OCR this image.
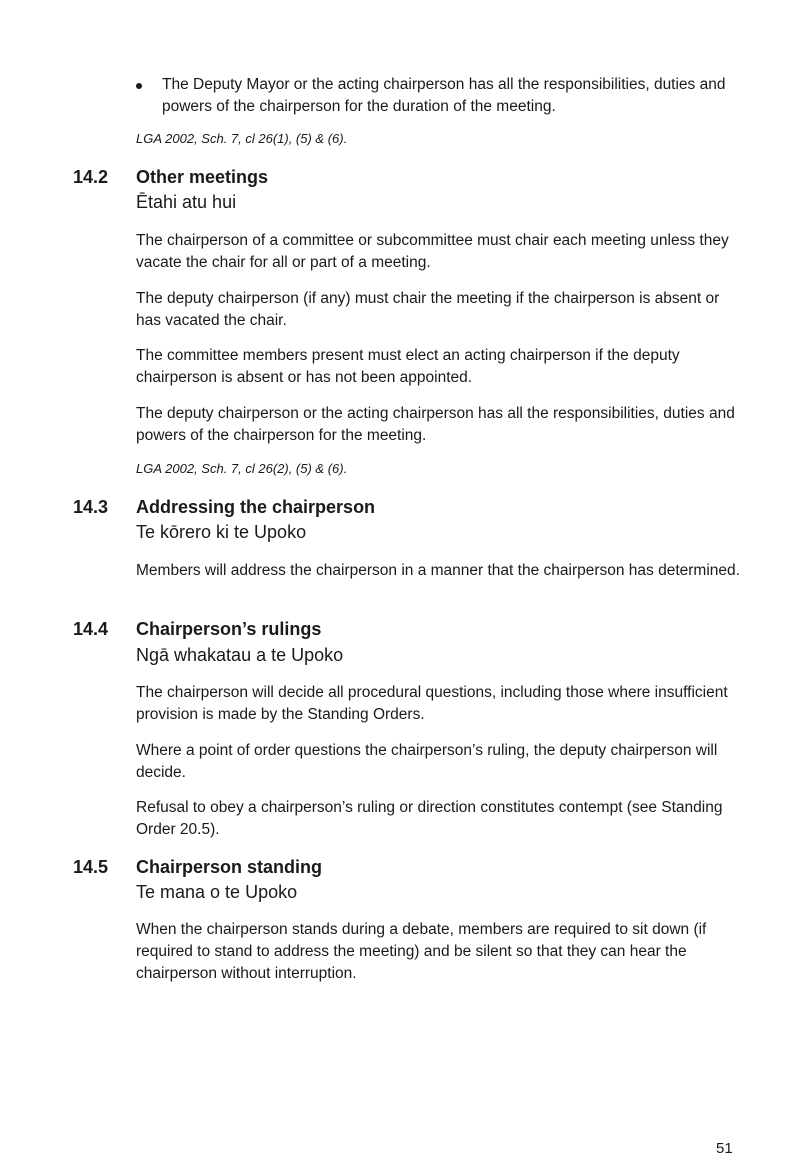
The Deputy Mayor or the acting chairperson has all the responsibilities, duties and powers of the chairperson for the duration of the meeting.

LGA 2002, Sch. 7, cl 26(1), (5) & (6).

14.2 Other meetings

Ētahi atu hui

The chairperson of a committee or subcommittee must chair each meeting unless they vacate the chair for all or part of a meeting.

The deputy chairperson (if any) must chair the meeting if the chairperson is absent or has vacated the chair.

The committee members present must elect an acting chairperson if the deputy chairperson is absent or has not been appointed.

The deputy chairperson or the acting chairperson has all the responsibilities, duties and powers of the chairperson for the meeting.

LGA 2002, Sch. 7, cl 26(2), (5) & (6).

14.3 Addressing the chairperson

Te kōrero ki te Upoko

Members will address the chairperson in a manner that the chairperson has determined.

14.4 Chairperson’s rulings

Ngā whakatau a te Upoko

The chairperson will decide all procedural questions, including those where insufficient provision is made by the Standing Orders.

Where a point of order questions the chairperson’s ruling, the deputy chairperson will decide.

Refusal to obey a chairperson’s ruling or direction constitutes contempt (see Standing Order 20.5).

14.5 Chairperson standing

Te mana o te Upoko

When the chairperson stands during a debate, members are required to sit down (if required to stand to address the meeting) and be silent so that they can hear the chairperson without interruption.

51
